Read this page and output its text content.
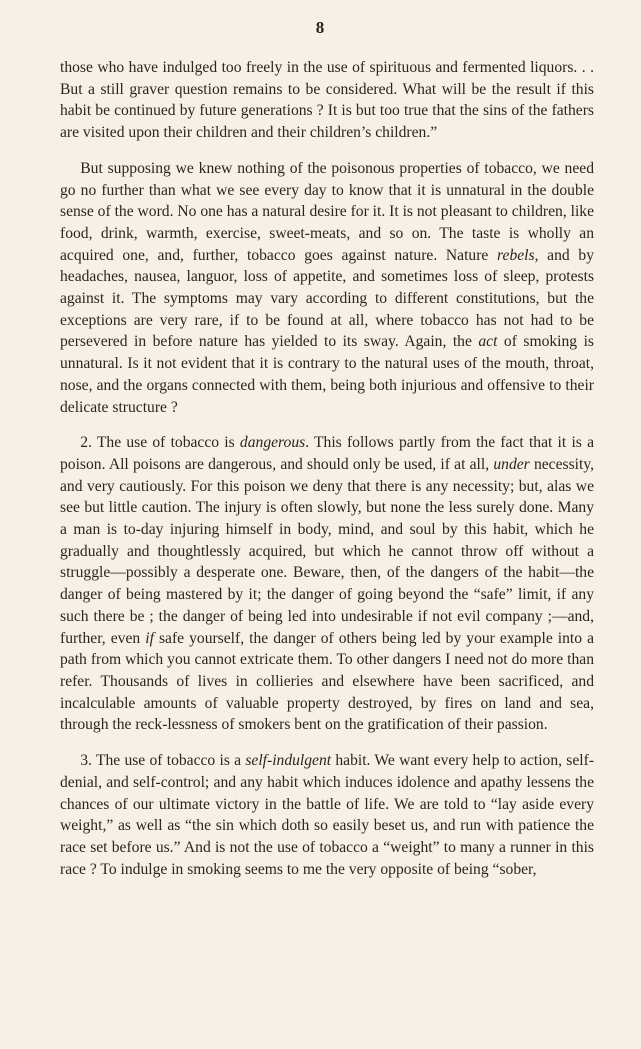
8

those who have indulged too freely in the use of spirituous and fermented liquors. . . But a still graver question remains to be considered. What will be the result if this habit be continued by future generations ? It is but too true that the sins of the fathers are visited upon their children and their children’s children.”

But supposing we knew nothing of the poisonous properties of tobacco, we need go no further than what we see every day to know that it is unnatural in the double sense of the word. No one has a natural desire for it. It is not pleasant to children, like food, drink, warmth, exercise, sweet-meats, and so on. The taste is wholly an acquired one, and, further, tobacco goes against nature. Nature rebels, and by headaches, nausea, languor, loss of appetite, and sometimes loss of sleep, protests against it. The symptoms may vary according to different constitutions, but the exceptions are very rare, if to be found at all, where tobacco has not had to be persevered in before nature has yielded to its sway. Again, the act of smoking is unnatural. Is it not evident that it is contrary to the natural uses of the mouth, throat, nose, and the organs connected with them, being both injurious and offensive to their delicate structure ?

2. The use of tobacco is dangerous. This follows partly from the fact that it is a poison. All poisons are dangerous, and should only be used, if at all, under necessity, and very cautiously. For this poison we deny that there is any necessity; but, alas we see but little caution. The injury is often slowly, but none the less surely done. Many a man is to-day injuring himself in body, mind, and soul by this habit, which he gradually and thoughtlessly acquired, but which he cannot throw off without a struggle—possibly a desperate one. Beware, then, of the dangers of the habit—the danger of being mastered by it; the danger of going beyond the “safe” limit, if any such there be ; the danger of being led into undesirable if not evil company ;—and, further, even if safe yourself, the danger of others being led by your example into a path from which you cannot extricate them. To other dangers I need not do more than refer. Thousands of lives in collieries and elsewhere have been sacrificed, and incalculable amounts of valuable property destroyed, by fires on land and sea, through the reck-lessness of smokers bent on the gratification of their passion.

3. The use of tobacco is a self-indulgent habit. We want every help to action, self-denial, and self-control; and any habit which induces idolence and apathy lessens the chances of our ultimate victory in the battle of life. We are told to “lay aside every weight,” as well as “the sin which doth so easily beset us, and run with patience the race set before us.” And is not the use of tobacco a “weight” to many a runner in this race ? To indulge in smoking seems to me the very opposite of being “sober,
